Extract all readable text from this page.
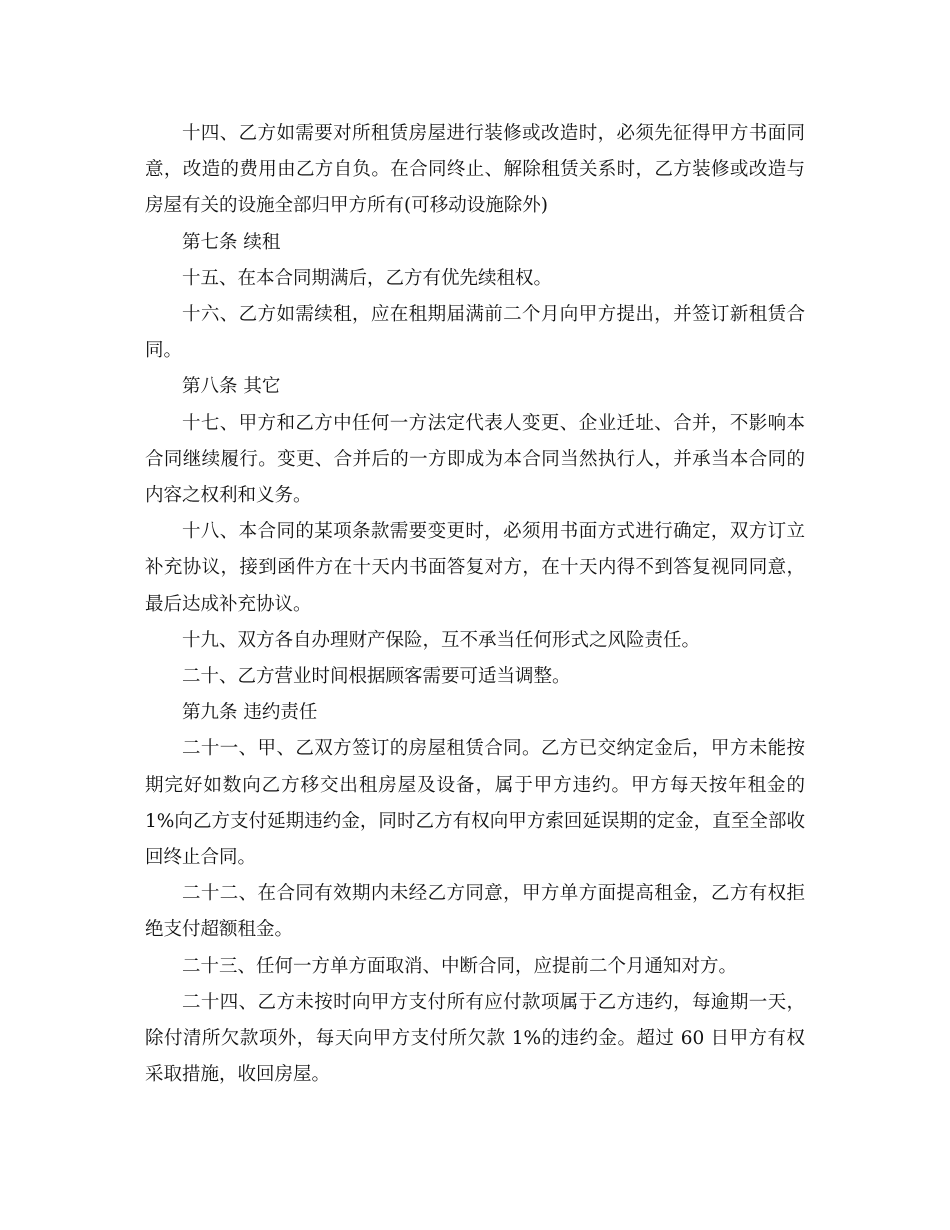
十四、乙方如需要对所租赁房屋进行装修或改造时，必须先征得甲方书面同意，改造的费用由乙方自负。在合同终止、解除租赁关系时，乙方装修或改造与房屋有关的设施全部归甲方所有(可移动设施除外)

第七条 续租

十五、在本合同期满后，乙方有优先续租权。

十六、乙方如需续租，应在租期届满前二个月向甲方提出，并签订新租赁合同。

第八条 其它

十七、甲方和乙方中任何一方法定代表人变更、企业迁址、合并，不影响本合同继续履行。变更、合并后的一方即成为本合同当然执行人，并承当本合同的内容之权利和义务。

十八、本合同的某项条款需要变更时，必须用书面方式进行确定，双方订立补充协议，接到函件方在十天内书面答复对方，在十天内得不到答复视同同意，最后达成补充协议。

十九、双方各自办理财产保险，互不承当任何形式之风险责任。

二十、乙方营业时间根据顾客需要可适当调整。

第九条 违约责任

二十一、甲、乙双方签订的房屋租赁合同。乙方已交纳定金后，甲方未能按期完好如数向乙方移交出租房屋及设备，属于甲方违约。甲方每天按年租金的 1%向乙方支付延期违约金，同时乙方有权向甲方索回延误期的定金，直至全部收回终止合同。

二十二、在合同有效期内未经乙方同意，甲方单方面提高租金，乙方有权拒绝支付超额租金。

二十三、任何一方单方面取消、中断合同，应提前二个月通知对方。

二十四、乙方未按时向甲方支付所有应付款项属于乙方违约，每逾期一天，除付清所欠款项外，每天向甲方支付所欠款 1%的违约金。超过 60 日甲方有权采取措施，收回房屋。
